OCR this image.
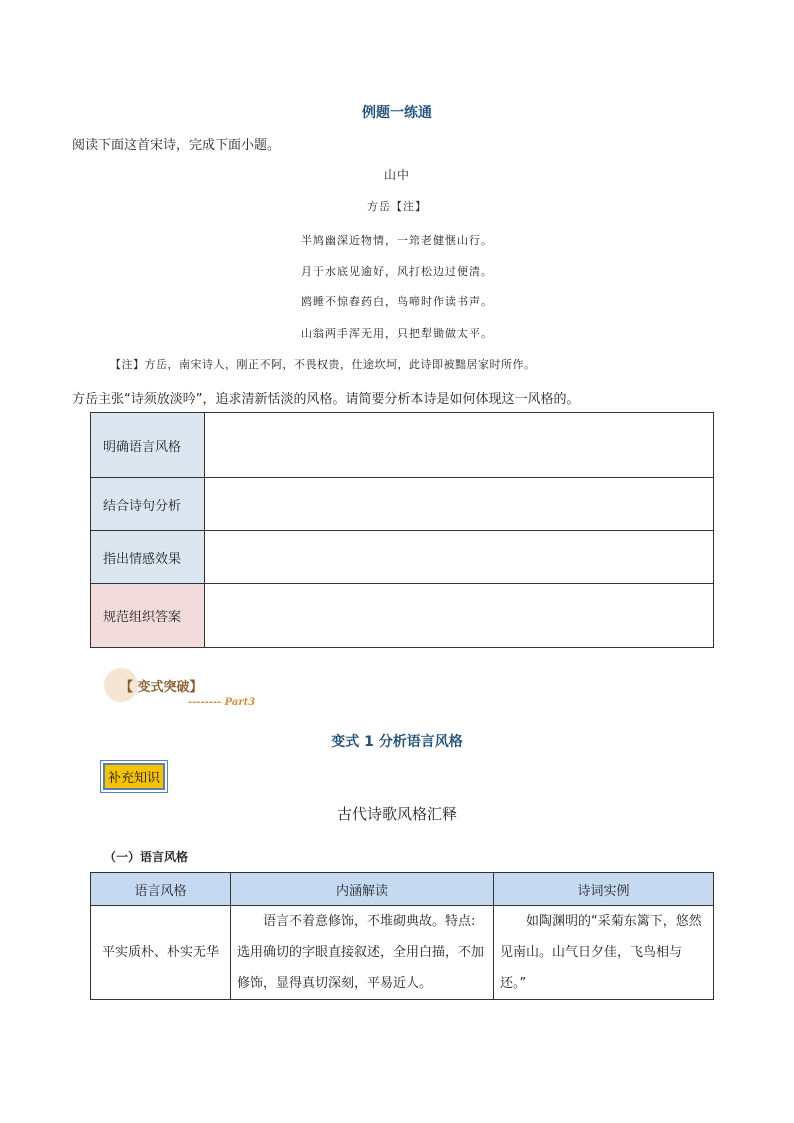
例题一练通
阅读下面这首宋诗，完成下面小题。
山中
方岳【注】
半鸠幽深近物情，一筇老健惬山行。
月于水底见逾好，风打松边过便清。
鸥睡不惊舂药白，鸟啼时作读书声。
山翁两手浑无用，只把犁锄做太平。
【注】方岳，南宋诗人，刚正不阿，不畏权贵，仕途坎坷，此诗即被黜居家时所作。
方岳主张“诗须放淡吟”，追求清新恬淡的风格。请简要分析本诗是如何体现这一风格的。
明确语言风格	
结合诗句分析	
指出情感效果	
规范组织答案	
【 变式突破】
-------- Part3
变式 1 分析语言风格
补充知识
古代诗歌风格汇释
（一）语言风格
语言风格	内涵解读	诗词实例
平实质朴、朴实无华	语言不着意修饰，不堆砌典故。特点:选用确切的字眼直接叙述，全用白描，不加修饰，显得真切深刻，平易近人。	如陶渊明的“采菊东篱下，悠然见南山。山气日夕佳，飞鸟相与还。”
